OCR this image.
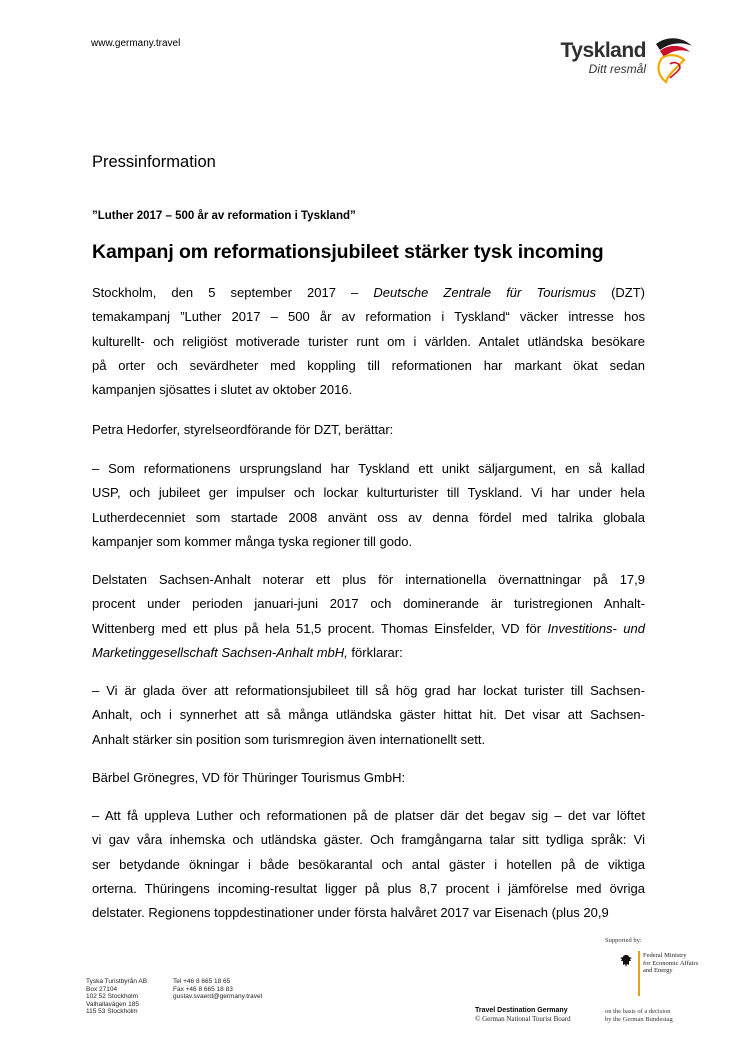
www.germany.travel	Tyskland
Ditt resmål
Pressinformation
”Luther 2017 – 500 år av reformation i Tyskland”
Kampanj om reformationsjubileet stärker tysk incoming
Stockholm, den 5 september 2017 – Deutsche Zentrale für Tourismus (DZT)
temakampanj ”Luther 2017 – 500 år av reformation i Tyskland“ väcker intresse hos
kulturellt- och religiöst motiverade turister runt om i världen. Antalet utländska besökare
på orter och sevärdheter med koppling till reformationen har markant ökat sedan
kampanjen sjösattes i slutet av oktober 2016.
Petra Hedorfer, styrelseordförande för DZT, berättar:
– Som reformationens ursprungsland har Tyskland ett unikt säljargument, en så kallad
USP, och jubileet ger impulser och lockar kulturturister till Tyskland. Vi har under hela
Lutherdecenniet som startade 2008 använt oss av denna fördel med talrika globala
kampanjer som kommer många tyska regioner till godo.
Delstaten Sachsen-Anhalt noterar ett plus för internationella övernattningar på 17,9
procent under perioden januari-juni 2017 och dominerande är turistregionen Anhalt-
Wittenberg med ett plus på hela 51,5 procent. Thomas Einsfelder, VD för Investitions- und
Marketinggesellschaft Sachsen-Anhalt mbH, förklarar:
– Vi är glada över att reformationsjubileet till så hög grad har lockat turister till Sachsen-
Anhalt, och i synnerhet att så många utländska gäster hittat hit. Det visar att Sachsen-
Anhalt stärker sin position som turismregion även internationellt sett.
Bärbel Grönegres, VD för Thüringer Tourismus GmbH:
– Att få uppleva Luther och reformationen på de platser där det begav sig – det var löftet
vi gav våra inhemska och utländska gäster. Och framgångarna talar sitt tydliga språk: Vi
ser betydande ökningar i både besökarantal och antal gäster i hotellen på de viktiga
orterna. Thüringens incoming-resultat ligger på plus 8,7 procent i jämförelse med övriga
delstater. Regionens toppdestinationer under första halvåret 2017 var Eisenach (plus 20,9
Supported by:
Federal Ministry
for Economic Affairs
and Energy
on the basis of a decision
by the German Bundestag
Travel Destination Germany
© German National Tourist Board
Tyska Turistbyrån AB
Box 27104
102 52 Stockholm
Valhallavägen 185
115 53 Stockholm
Tel +46 8 665 18 65
Fax +46 8 665 18 83
gustav.svaerd@germany.travel
